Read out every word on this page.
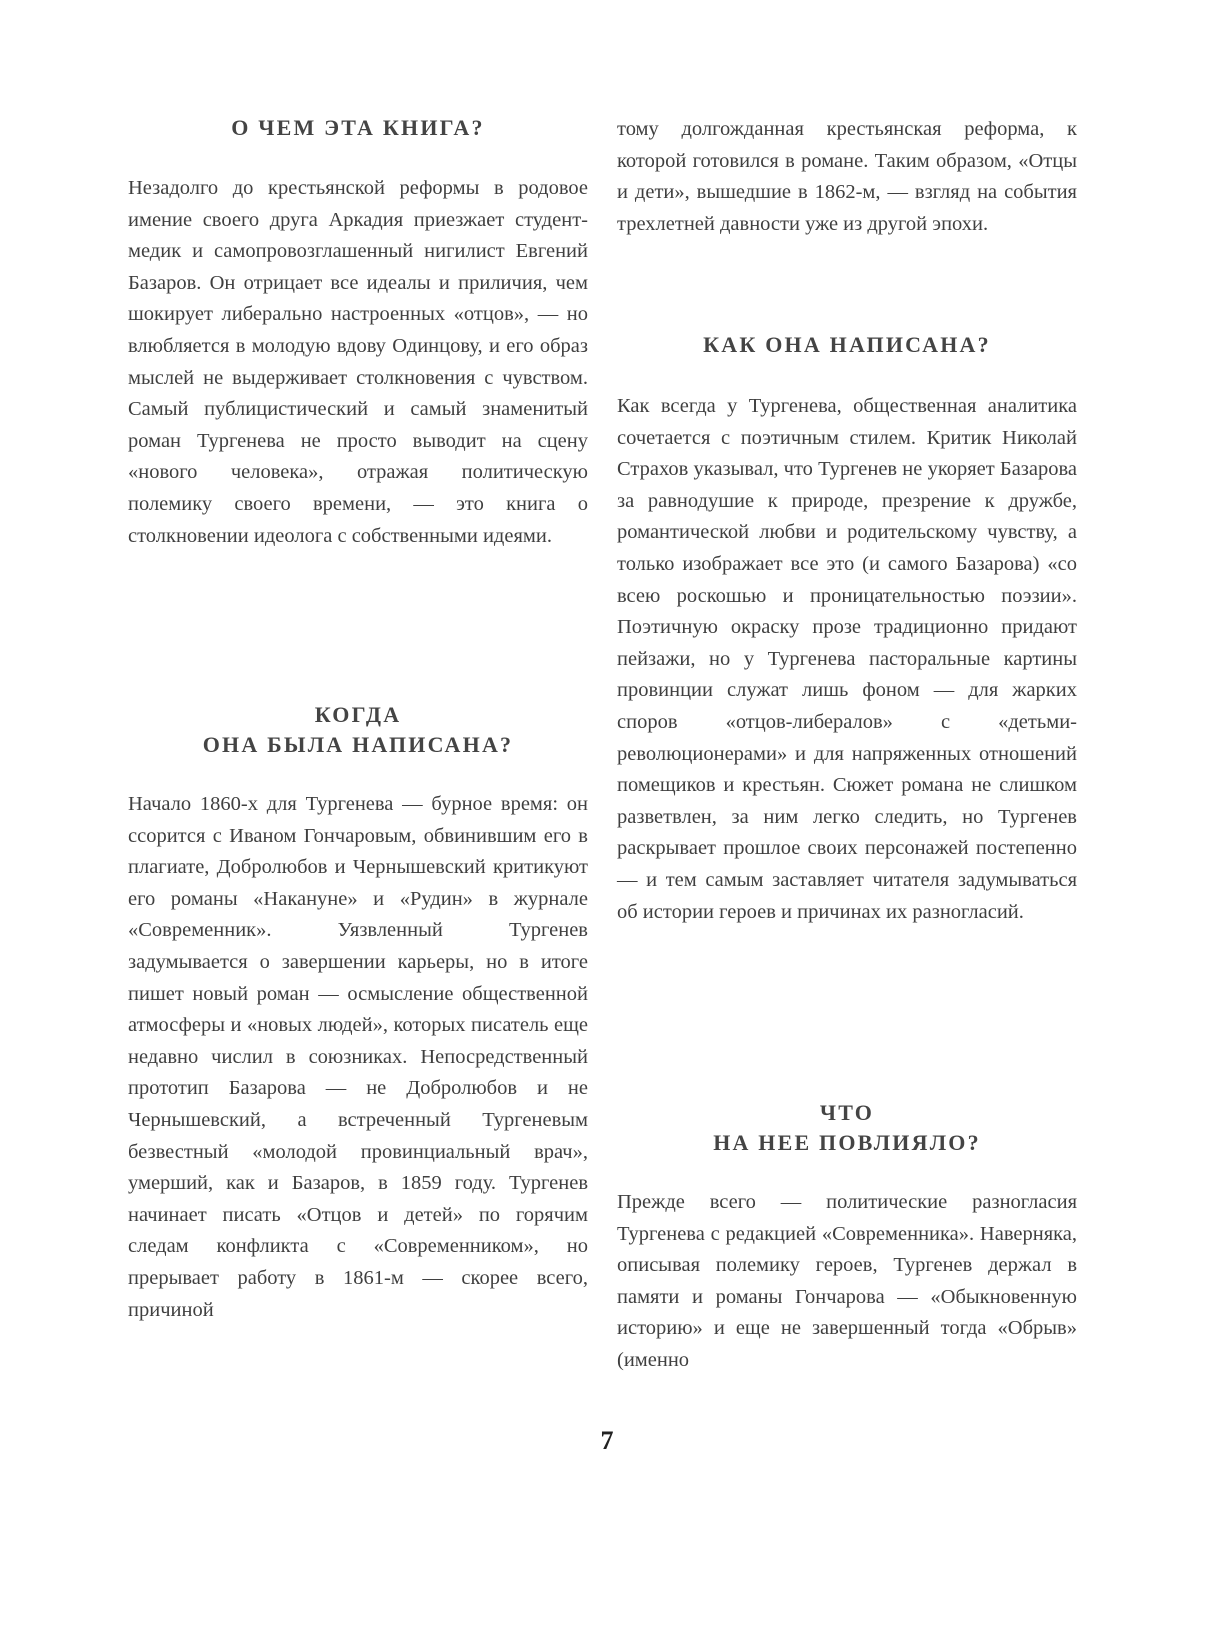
О ЧЕМ ЭТА КНИГА?

Незадолго до крестьянской реформы в родовое имение своего друга Аркадия приезжает студент-медик и самопровозглашенный нигилист Евгений Базаров. Он отрицает все идеалы и приличия, чем шокирует либерально настроенных «отцов», — но влюбляется в молодую вдову Одинцову, и его образ мыслей не выдерживает столкновения с чувством. Самый публицистический и самый знаменитый роман Тургенева не просто выводит на сцену «нового человека», отражая политическую полемику своего времени, — это книга о столкновении идеолога с собственными идеями.

КОГДА
ОНА БЫЛА НАПИСАНА?

Начало 1860-х для Тургенева — бурное время: он ссорится с Иваном Гончаровым, обвинившим его в плагиате, Добролюбов и Чернышевский критикуют его романы «Накануне» и «Рудин» в журнале «Современник». Уязвленный Тургенев задумывается о завершении карьеры, но в итоге пишет новый роман — осмысление общественной атмосферы и «новых людей», которых писатель еще недавно числил в союзниках. Непосредственный прототип Базарова — не Добролюбов и не Чернышевский, а встреченный Тургеневым безвестный «молодой провинциальный врач», умерший, как и Базаров, в 1859 году. Тургенев начинает писать «Отцов и детей» по горячим следам конфликта с «Современником», но прерывает работу в 1861-м — скорее всего, причиной

тому долгожданная крестьянская реформа, к которой готовился в романе. Таким образом, «Отцы и дети», вышедшие в 1862-м, — взгляд на события трехлетней давности уже из другой эпохи.

КАК ОНА НАПИСАНА?

Как всегда у Тургенева, общественная аналитика сочетается с поэтичным стилем. Критик Николай Страхов указывал, что Тургенев не укоряет Базарова за равнодушие к природе, презрение к дружбе, романтической любви и родительскому чувству, а только изображает все это (и самого Базарова) «со всею роскошью и проницательностью поэзии». Поэтичную окраску прозе традиционно придают пейзажи, но у Тургенева пасторальные картины провинции служат лишь фоном — для жарких споров «отцов-либералов» с «детьми-революционерами» и для напряженных отношений помещиков и крестьян. Сюжет романа не слишком разветвлен, за ним легко следить, но Тургенев раскрывает прошлое своих персонажей постепенно — и тем самым заставляет читателя задумываться об истории героев и причинах их разногласий.

ЧТО
НА НЕЕ ПОВЛИЯЛО?

Прежде всего — политические разногласия Тургенева с редакцией «Современника». Наверняка, описывая полемику героев, Тургенев держал в памяти и романы Гончарова — «Обыкновенную историю» и еще не завершенный тогда «Обрыв» (именно

7
